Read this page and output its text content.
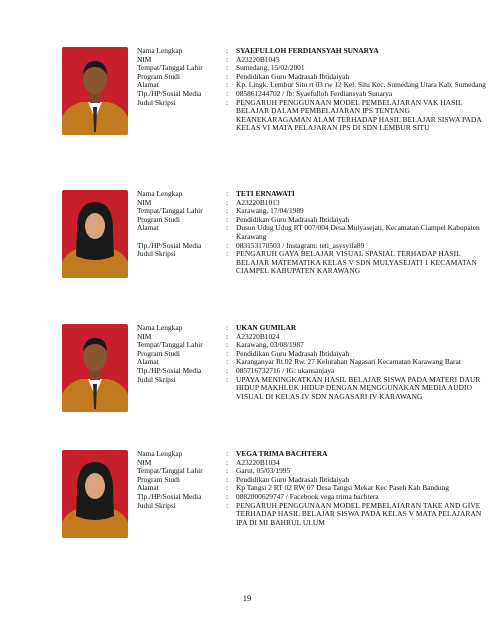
Nama Lengkap	:	SYAEFULLOH FERDIANSYAH SUNARYA
NIM	:	A23220B1045
Tempat/Tanggal Lahir	:	Sumedang, 15/02/2001
Program Studi	:	Pendidikan Guru Madrasah Ibtidaiyah
Alamat	:	Kp. Lingk. Lembur Situ rt 03 rw 12 Kel. Situ Kec. Sumedang Utara Kab. Sumedang
Tlp./HP/Sosial Media	:	085861244702 / fb: Syaefulloh Ferdiansyah Sunarya
Judul Skripsi	:	PENGARUH PENGGUNAAN MODEL PEMBELAJARAN VAK HASIL BELAJAR DALAM PEMBELAJARAN IPS TENTANG KEANEKARAGAMAN ALAM TERHADAP HASIL BELAJAR SISWA PADA KELAS VI MATA PELAJARAN IPS DI SDN LEMBUR SITU
Nama Lengkap	:	TETI ERNAWATI
NIM	:	A23220B1013
Tempat/Tanggal Lahir	:	Karawang, 17/04/1989
Program Studi	:	Pendidikan Guru Madrasah Ibtidaiyah
Alamat	:	Dusun Udug Udug RT 007/004 Desa Mulyasejati, Kecamatan Ciampel Kabupaten Karawang
Tlp./HP/Sosial Media	:	083153170503 / Instagram: teti_asysyifa89
Judul Skripsi	:	PENGARUH GAYA BELAJAR VISUAL SPASIAL TERHADAP HASIL BELAJAR MATEMATIKA KELAS V SDN MULYASEJATI 1 KECAMATAN CIAMPEL KABUPATEN KARAWANG
Nama Lengkap	:	UKAN GUMILAR
NIM	:	A23220B1024
Tempat/Tanggal Lahir	:	Karawang, 03/08/1987
Program Studi	:	Pendidikan Guru Madrasah Ibtidaiyah
Alamat	:	Karanganyar Rt.02 Rw. 27 Kelurahan Nagasari Kecamatan Karawang Barat
Tlp./HP/Sosial Media	:	085716732716 / IG: ukansanjaya
Judul Skripsi	:	UPAYA MENINGKATKAN HASIL BELAJAR SISWA PADA MATERI DAUR HIDUP MAKHLUK HIDUP DENGAN MENGGUNAKAN MEDIA AUDIO VISUAL DI KELAS IV SDN NAGASARI IV KARAWANG
Nama Lengkap	:	VEGA TRIMA BACHTERA
NIM	:	A23220B1034
Tempat/Tanggal Lahir	:	Garut, 05/03/1995
Program Studi	:	Pendidikan Guru Madrasah Ibtidaiyah
Alamat	:	Kp Tangsi 2 RT 02 RW 07 Desa Tangsi Mekar Kec Paseh Kab Bandung
Tlp./HP/Sosial Media	:	0882000629747 / Facebook vega trima bachtera
Judul Skripsi	:	PENGARUH PENGGUNAAN MODEL PEMBELAJARAN TAKE AND GIVE TERHADAP HASIL BELAJAR SISWA PADA KELAS V MATA PELAJARAN IPA DI MI BAHRUL ULUM
19
